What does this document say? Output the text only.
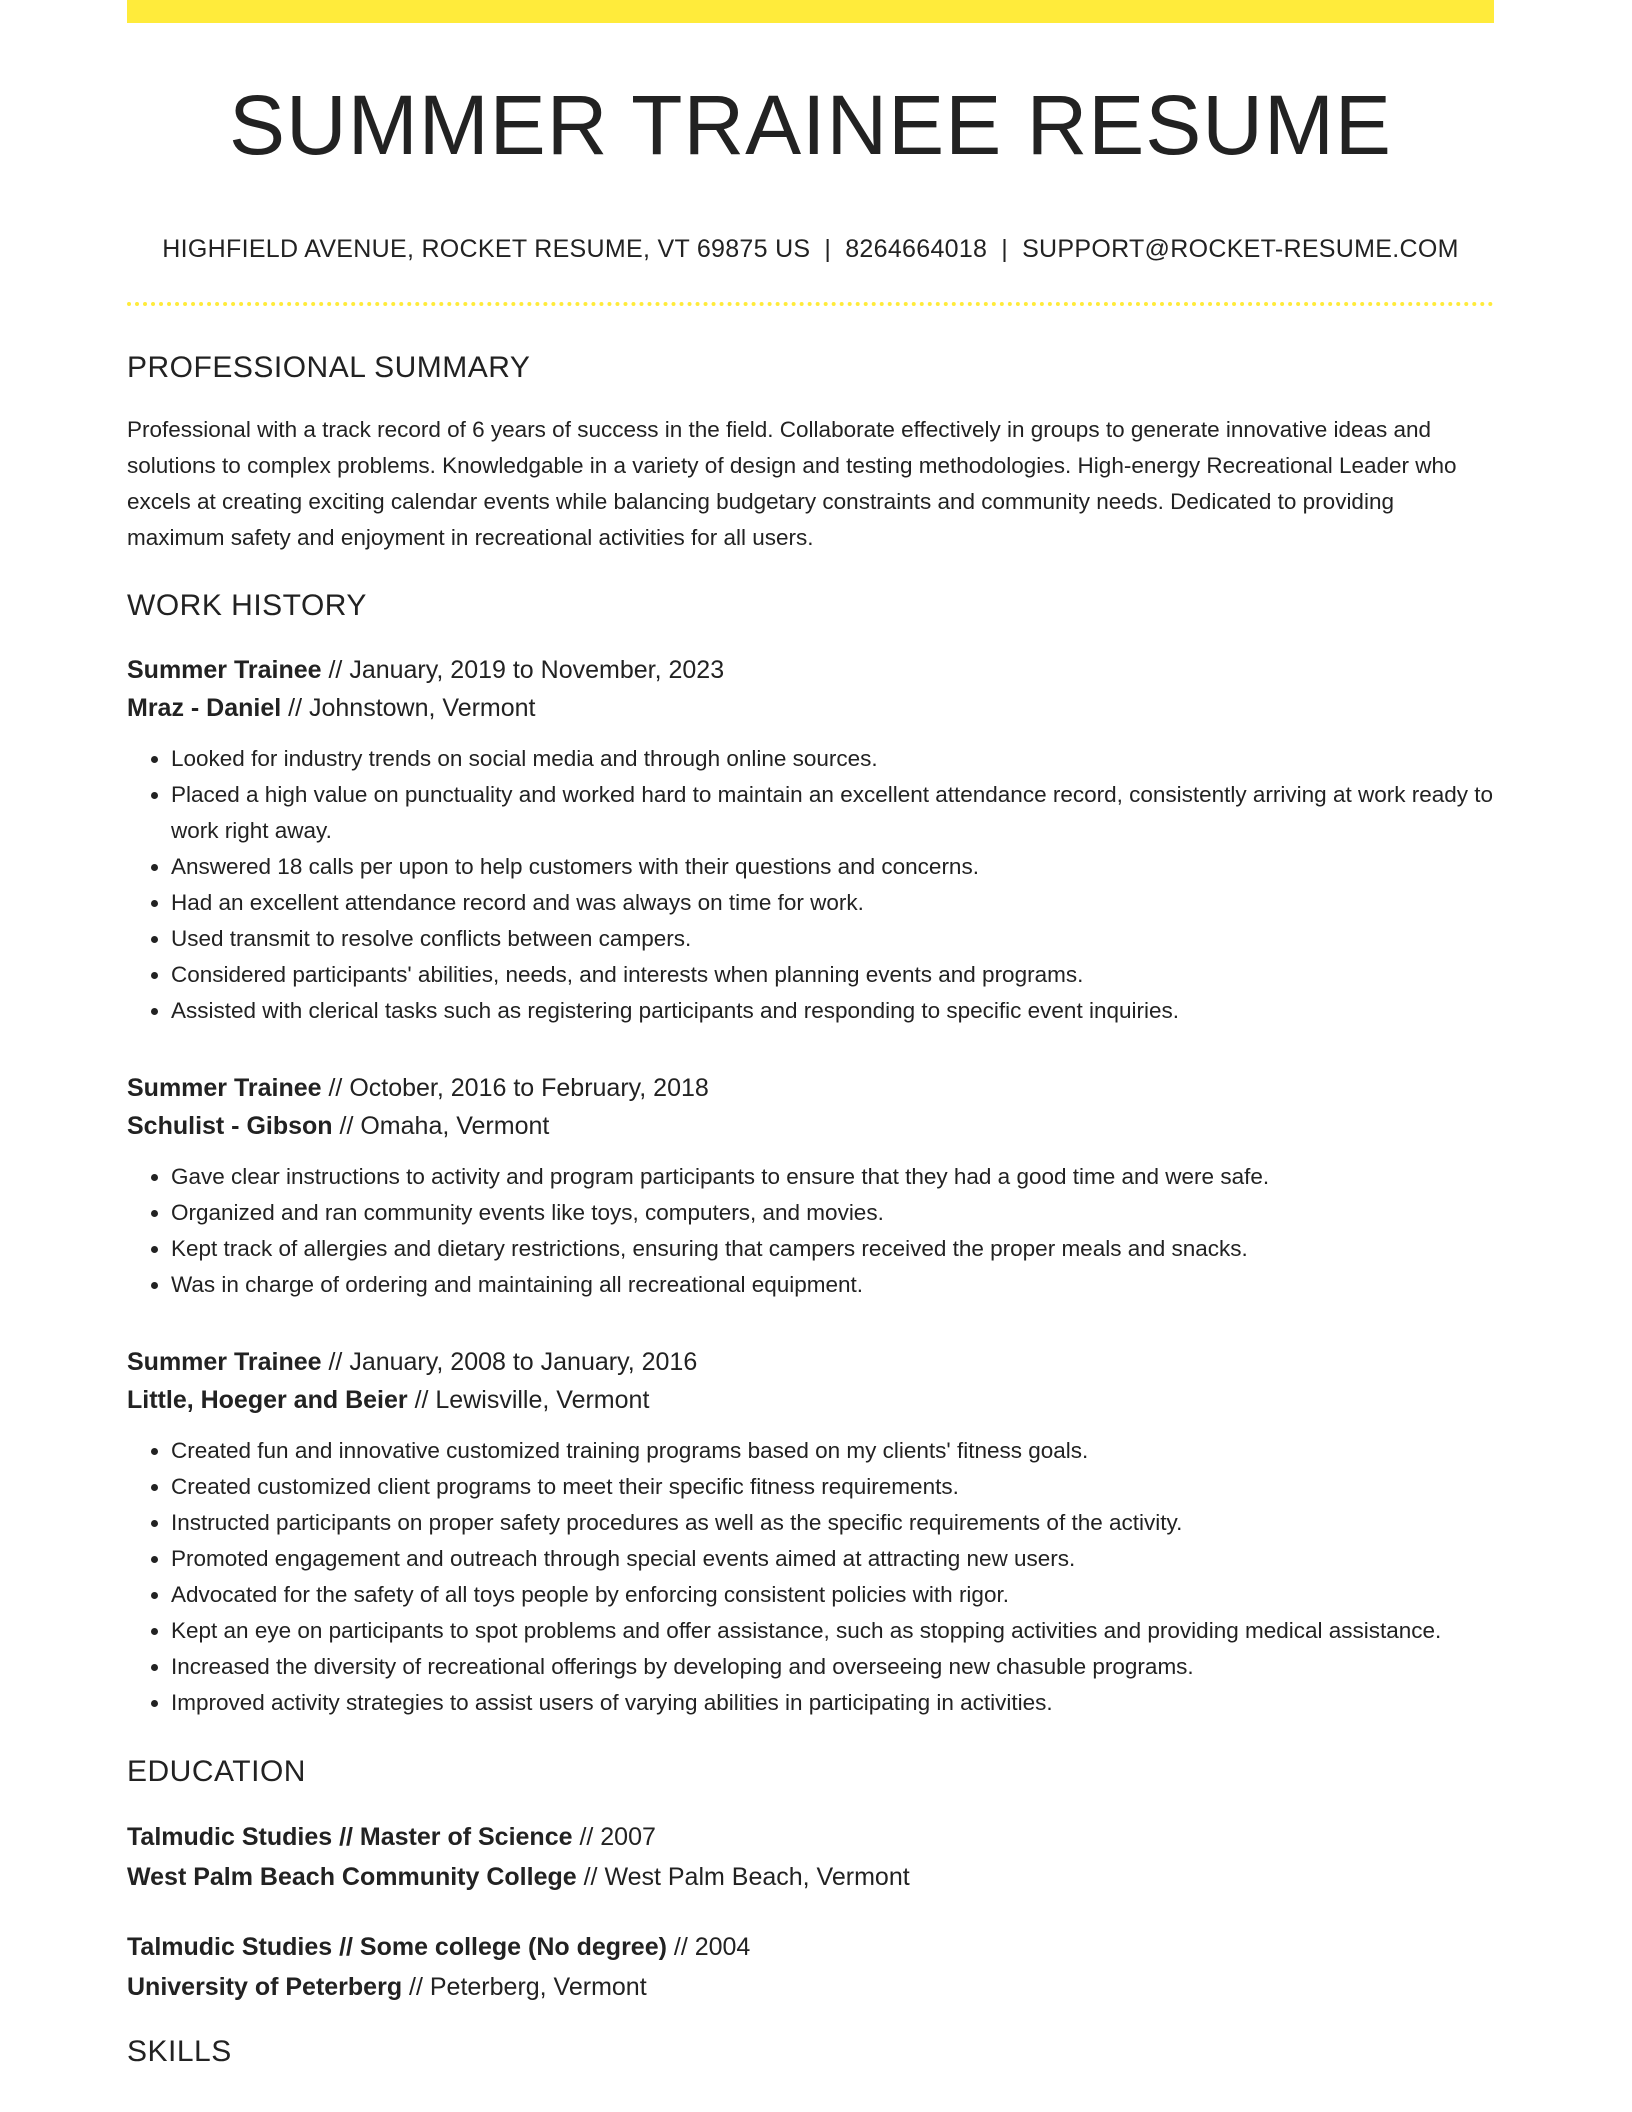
SUMMER TRAINEE RESUME
HIGHFIELD AVENUE, ROCKET RESUME, VT 69875 US | 8264664018 | SUPPORT@ROCKET-RESUME.COM
PROFESSIONAL SUMMARY

Professional with a track record of 6 years of success in the field. Collaborate effectively in groups to generate innovative ideas and solutions to complex problems. Knowledgable in a variety of design and testing methodologies. High-energy Recreational Leader who excels at creating exciting calendar events while balancing budgetary constraints and community needs. Dedicated to providing maximum safety and enjoyment in recreational activities for all users.

WORK HISTORY
Summer Trainee // January, 2019 to November, 2023
Mraz - Daniel // Johnstown, Vermont
• Looked for industry trends on social media and through online sources.
• Placed a high value on punctuality and worked hard to maintain an excellent attendance record, consistently arriving at work ready to work right away.
• Answered 18 calls per upon to help customers with their questions and concerns.
• Had an excellent attendance record and was always on time for work.
• Used transmit to resolve conflicts between campers.
• Considered participants' abilities, needs, and interests when planning events and programs.
• Assisted with clerical tasks such as registering participants and responding to specific event inquiries.
Summer Trainee // October, 2016 to February, 2018
Schulist - Gibson // Omaha, Vermont
• Gave clear instructions to activity and program participants to ensure that they had a good time and were safe.
• Organized and ran community events like toys, computers, and movies.
• Kept track of allergies and dietary restrictions, ensuring that campers received the proper meals and snacks.
• Was in charge of ordering and maintaining all recreational equipment.
Summer Trainee // January, 2008 to January, 2016
Little, Hoeger and Beier // Lewisville, Vermont
• Created fun and innovative customized training programs based on my clients' fitness goals.
• Created customized client programs to meet their specific fitness requirements.
• Instructed participants on proper safety procedures as well as the specific requirements of the activity.
• Promoted engagement and outreach through special events aimed at attracting new users.
• Advocated for the safety of all toys people by enforcing consistent policies with rigor.
• Kept an eye on participants to spot problems and offer assistance, such as stopping activities and providing medical assistance.
• Increased the diversity of recreational offerings by developing and overseeing new chasuble programs.
• Improved activity strategies to assist users of varying abilities in participating in activities.
EDUCATION
Talmudic Studies // Master of Science // 2007
West Palm Beach Community College // West Palm Beach, Vermont
Talmudic Studies // Some college (No degree) // 2004
University of Peterberg // Peterberg, Vermont
SKILLS
